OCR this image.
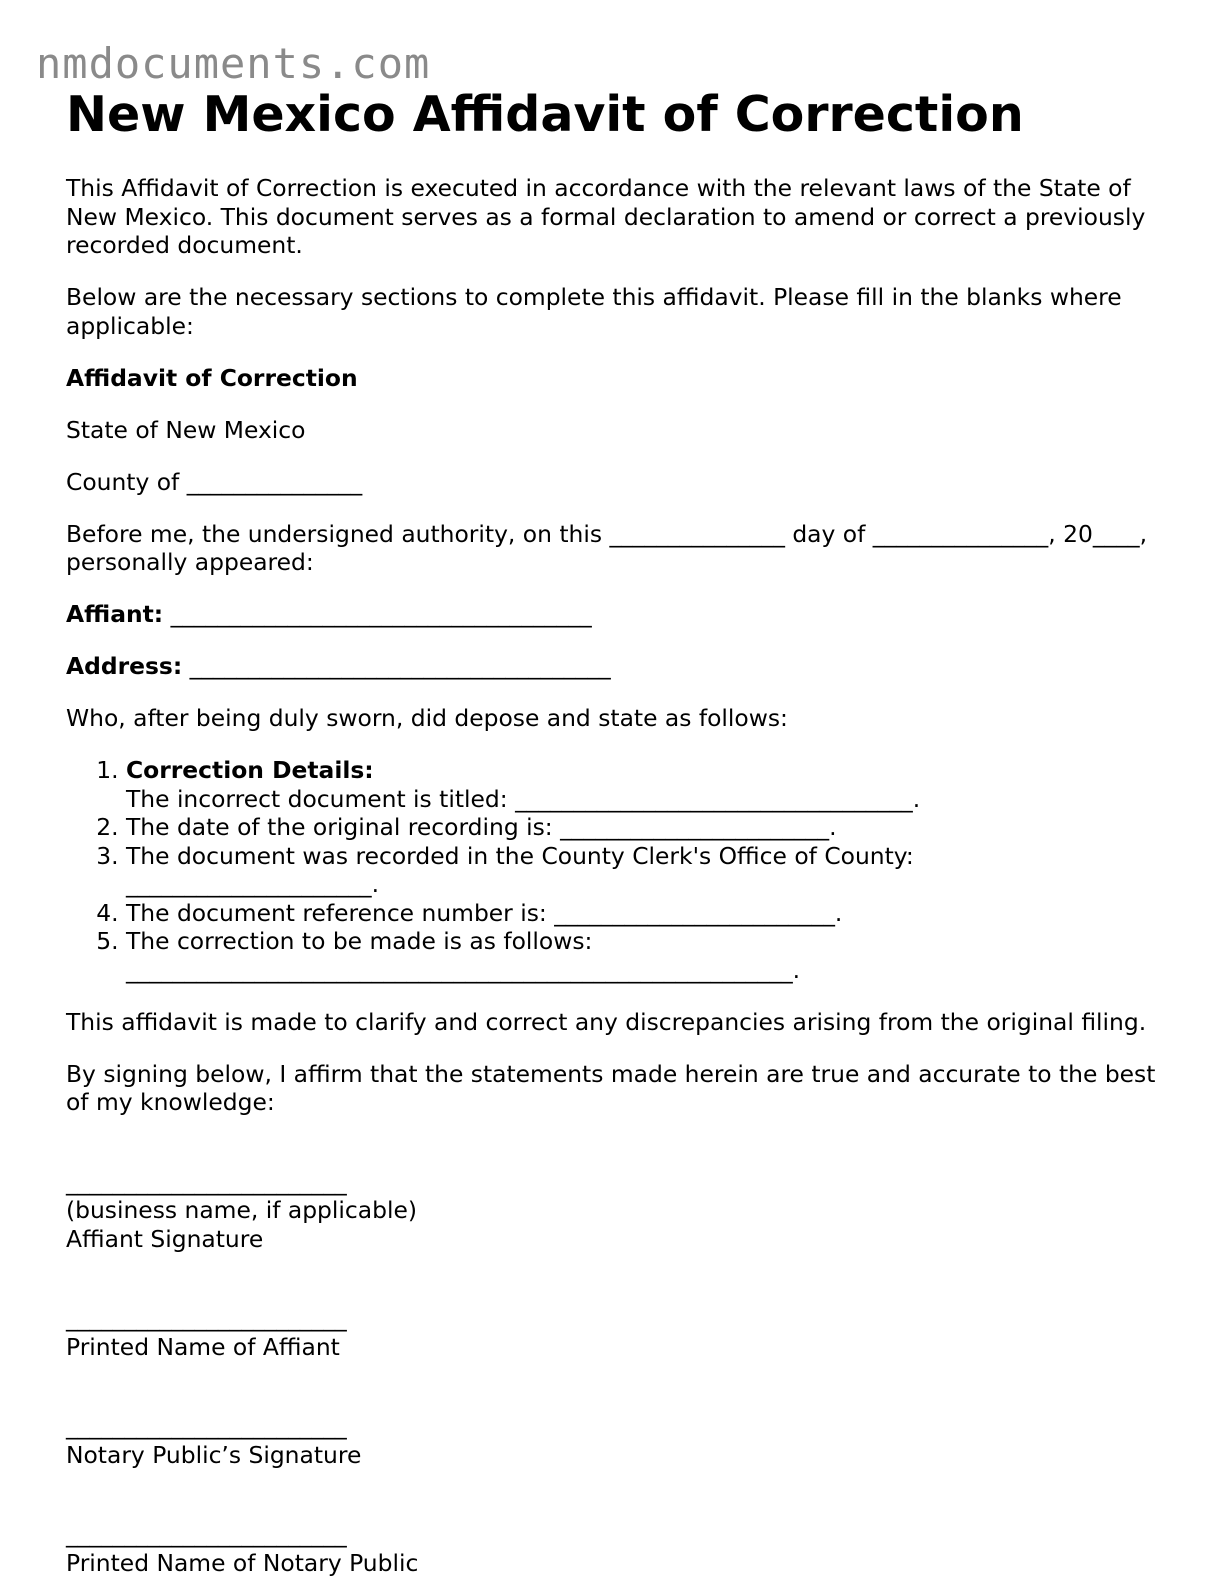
nmdocuments.com
New Mexico Affidavit of Correction

This Affidavit of Correction is executed in accordance with the relevant laws of the State of New Mexico. This document serves as a formal declaration to amend or correct a previously recorded document.

Below are the necessary sections to complete this affidavit. Please fill in the blanks where applicable:

Affidavit of Correction

State of New Mexico

County of _______________

Before me, the undersigned authority, on this _______________ day of _______________, 20____, personally appeared:

Affiant: ____________________________________

Address: ____________________________________

Who, after being duly sworn, did depose and state as follows:

1. Correction Details:
The incorrect document is titled: __________________________________.
2. The date of the original recording is: _______________________.
3. The document was recorded in the County Clerk's Office of County: _____________________.
4. The document reference number is: ________________________.
5. The correction to be made is as follows: _________________________________________________________.

This affidavit is made to clarify and correct any discrepancies arising from the original filing.

By signing below, I affirm that the statements made herein are true and accurate to the best of my knowledge:

________________________

(business name, if applicable)

Affiant Signature

________________________

Printed Name of Affiant

________________________

Notary Public’s Signature

________________________

Printed Name of Notary Public
